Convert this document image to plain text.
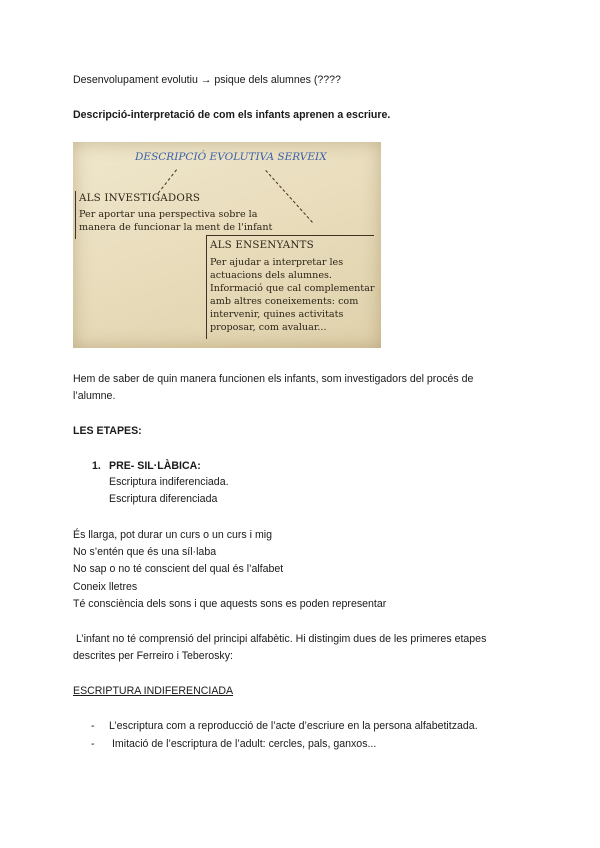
Desenvolupament evolutiu → psique dels alumnes (????
Descripció-interpretació de com els infants aprenen a escriure.
DESCRIPCIÓ EVOLUTIVA SERVEIX
ALS INVESTIGADORS
Per aportar una perspectiva sobre la
manera de funcionar la ment de l'infant
ALS ENSENYANTS
Per ajudar a interpretar les
actuacions dels alumnes.
Informació que cal complementar
amb altres coneixements: com
intervenir, quines activitats
proposar, com avaluar...
Hem de saber de quin manera funcionen els infants, som investigadors del procés de
l’alumne.
LES ETAPES:
1. PRE- SIL·LÀBICA:
Escriptura indiferenciada.
Escriptura diferenciada
És llarga, pot durar un curs o un curs i mig
No s’entén que és una síl·laba
No sap o no té conscient del qual és l’alfabet
Coneix lletres
Té consciència dels sons i que aquests sons es poden representar
L’infant no té comprensió del principi alfabètic. Hi distingim dues de les primeres etapes
descrites per Ferreiro i Teberosky:
ESCRIPTURA INDIFERENCIADA
- L’escriptura com a reproducció de l’acte d’escriure en la persona alfabetitzada.
- Imitació de l’escriptura de l’adult: cercles, pals, ganxos...
